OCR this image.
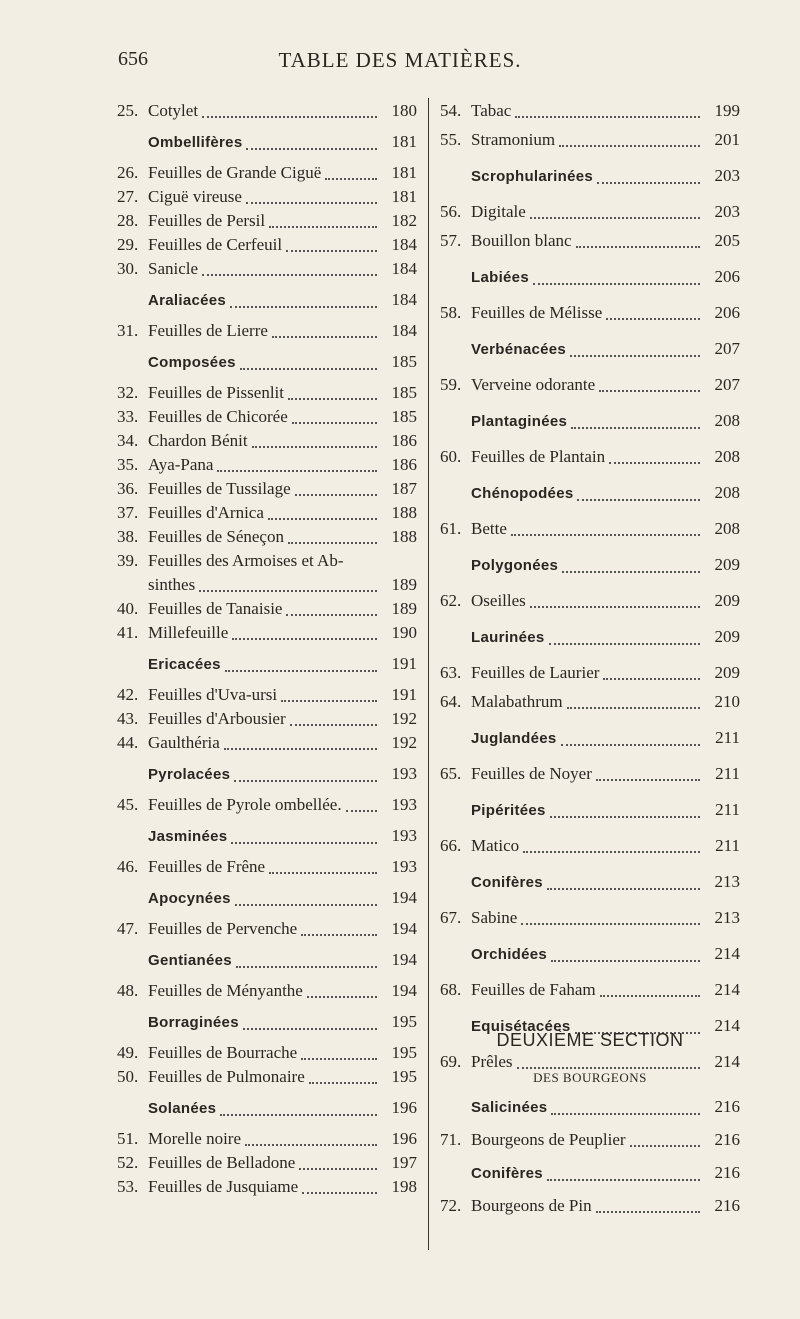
656	TABLE DES MATIÈRES.
25. Cotylet	180
Ombellifères	181
26. Feuilles de Grande Ciguë	181
27. Ciguë vireuse	181
28. Feuilles de Persil	182
29. Feuilles de Cerfeuil	184
30. Sanicle	184
Araliacées	184
31. Feuilles de Lierre	184
Composées	185
32. Feuilles de Pissenlit	185
33. Feuilles de Chicorée	185
34. Chardon Bénit	186
35. Aya-Pana	186
36. Feuilles de Tussilage	187
37. Feuilles d'Arnica	188
38. Feuilles de Séneçon	188
39. Feuilles des Armoises et Ab-
sinthes	189
40. Feuilles de Tanaisie	189
41. Millefeuille	190
Ericacées	191
42. Feuilles d'Uva-ursi	191
43. Feuilles d'Arbousier	192
44. Gaulthéria	192
Pyrolacées	193
45. Feuilles de Pyrole ombellée.	193
Jasminées	193
46. Feuilles de Frêne	193
Apocynées	194
47. Feuilles de Pervenche	194
Gentianées	194
48. Feuilles de Ményanthe	194
Borraginées	195
49. Feuilles de Bourrache	195
50. Feuilles de Pulmonaire	195
Solanées	196
51. Morelle noire	196
52. Feuilles de Belladone	197
53. Feuilles de Jusquiame	198
54. Tabac	199
55. Stramonium	201
Scrophularinées	203
56. Digitale	203
57. Bouillon blanc	205
Labiées	206
58. Feuilles de Mélisse	206
Verbénacées	207
59. Verveine odorante	207
Plantaginées	208
60. Feuilles de Plantain	208
Chénopodées	208
61. Bette	208
Polygonées	209
62. Oseilles	209
Laurinées	209
63. Feuilles de Laurier	209
64. Malabathrum	210
Juglandées	211
65. Feuilles de Noyer	211
Pipéritées	211
66. Matico	211
Conifères	213
67. Sabine	213
Orchidées	214
68. Feuilles de Faham	214
Equisétacées	214
69. Prêles	214
DEUXIÈME SECTION
DES BOURGEONS
Salicinées	216
71. Bourgeons de Peuplier	216
Conifères	216
72. Bourgeons de Pin	216
